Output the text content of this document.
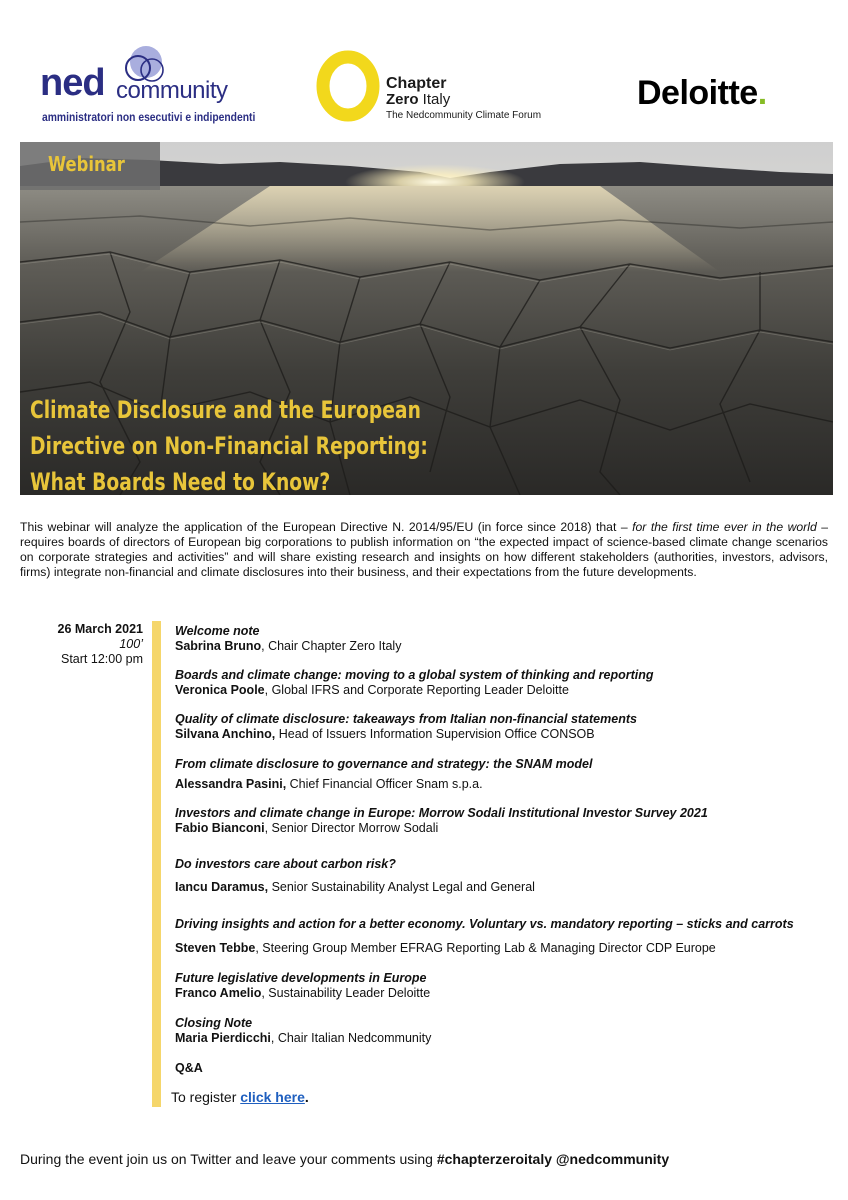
ned community
amministratori non esecutivi e indipendenti
Chapter
Zero Italy
The Nedcommunity Climate Forum
Deloitte.
Webinar
Climate Disclosure and the European
Directive on Non-Financial Reporting:
What Boards Need to Know?

This webinar will analyze the application of the European Directive N. 2014/95/EU (in force since 2018) that – for the first time ever in the world – requires boards of directors of European big corporations to publish information on “the expected impact of science-based climate change scenarios on corporate strategies and activities” and will share existing research and insights on how different stakeholders (authorities, investors, advisors, firms) integrate non-financial and climate disclosures into their business, and their expectations from the future developments.

26 March 2021
100’
Start 12:00 pm
Welcome note
Sabrina Bruno, Chair Chapter Zero Italy
Boards and climate change: moving to a global system of thinking and reporting
Veronica Poole, Global IFRS and Corporate Reporting Leader Deloitte
Quality of climate disclosure: takeaways from Italian non-financial statements
Silvana Anchino, Head of Issuers Information Supervision Office CONSOB
From climate disclosure to governance and strategy: the SNAM model
Alessandra Pasini, Chief Financial Officer Snam s.p.a.
Investors and climate change in Europe: Morrow Sodali Institutional Investor Survey 2021
Fabio Bianconi, Senior Director Morrow Sodali
Do investors care about carbon risk?
Iancu Daramus, Senior Sustainability Analyst Legal and General
Driving insights and action for a better economy. Voluntary vs. mandatory reporting – sticks and carrots
Steven Tebbe, Steering Group Member EFRAG Reporting Lab & Managing Director CDP Europe
Future legislative developments in Europe
Franco Amelio, Sustainability Leader Deloitte
Closing Note
Maria Pierdicchi, Chair Italian Nedcommunity
Q&A
To register click here.
During the event join us on Twitter and leave your comments using #chapterzeroitaly @nedcommunity
